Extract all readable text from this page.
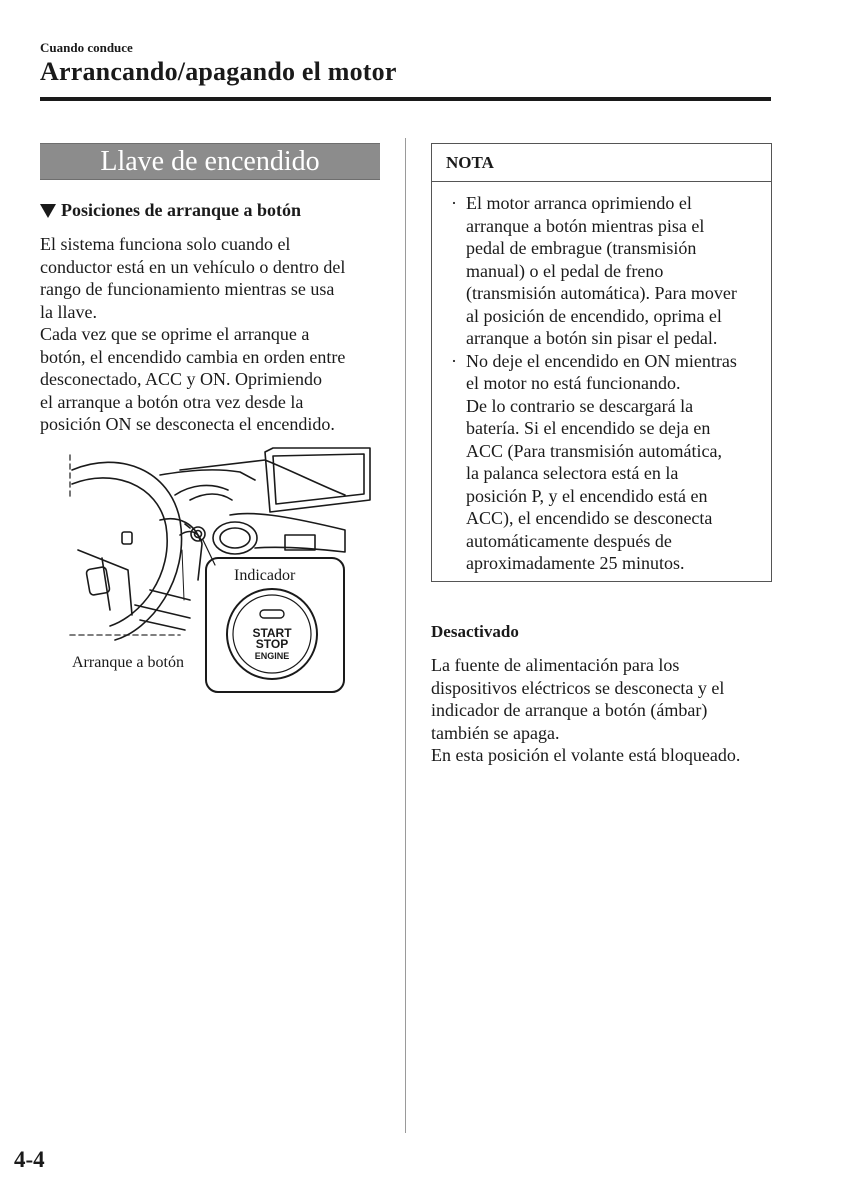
Cuando conduce
Arrancando/apagando el motor
Llave de encendido
Posiciones de arranque a botón
El sistema funciona solo cuando el
conductor está en un vehículo o dentro del
rango de funcionamiento mientras se usa
la llave.
Cada vez que se oprime el arranque a
botón, el encendido cambia en orden entre
desconectado, ACC y ON. Oprimiendo
el arranque a botón otra vez desde la
posición ON se desconecta el encendido.
START
STOP
ENGINE
Indicador
Arranque a botón
NOTA
· El motor arranca oprimiendo el
arranque a botón mientras pisa el
pedal de embrague (transmisión
manual) o el pedal de freno
(transmisión automática). Para mover
al posición de encendido, oprima el
arranque a botón sin pisar el pedal.
· No deje el encendido en ON mientras
el motor no está funcionando.
De lo contrario se descargará la
batería. Si el encendido se deja en
ACC (Para transmisión automática,
la palanca selectora está en la
posición P, y el encendido está en
ACC), el encendido se desconecta
automáticamente después de
aproximadamente 25 minutos.
Desactivado
La fuente de alimentación para los
dispositivos eléctricos se desconecta y el
indicador de arranque a botón (ámbar)
también se apaga.
En esta posición el volante está bloqueado.
4-4
